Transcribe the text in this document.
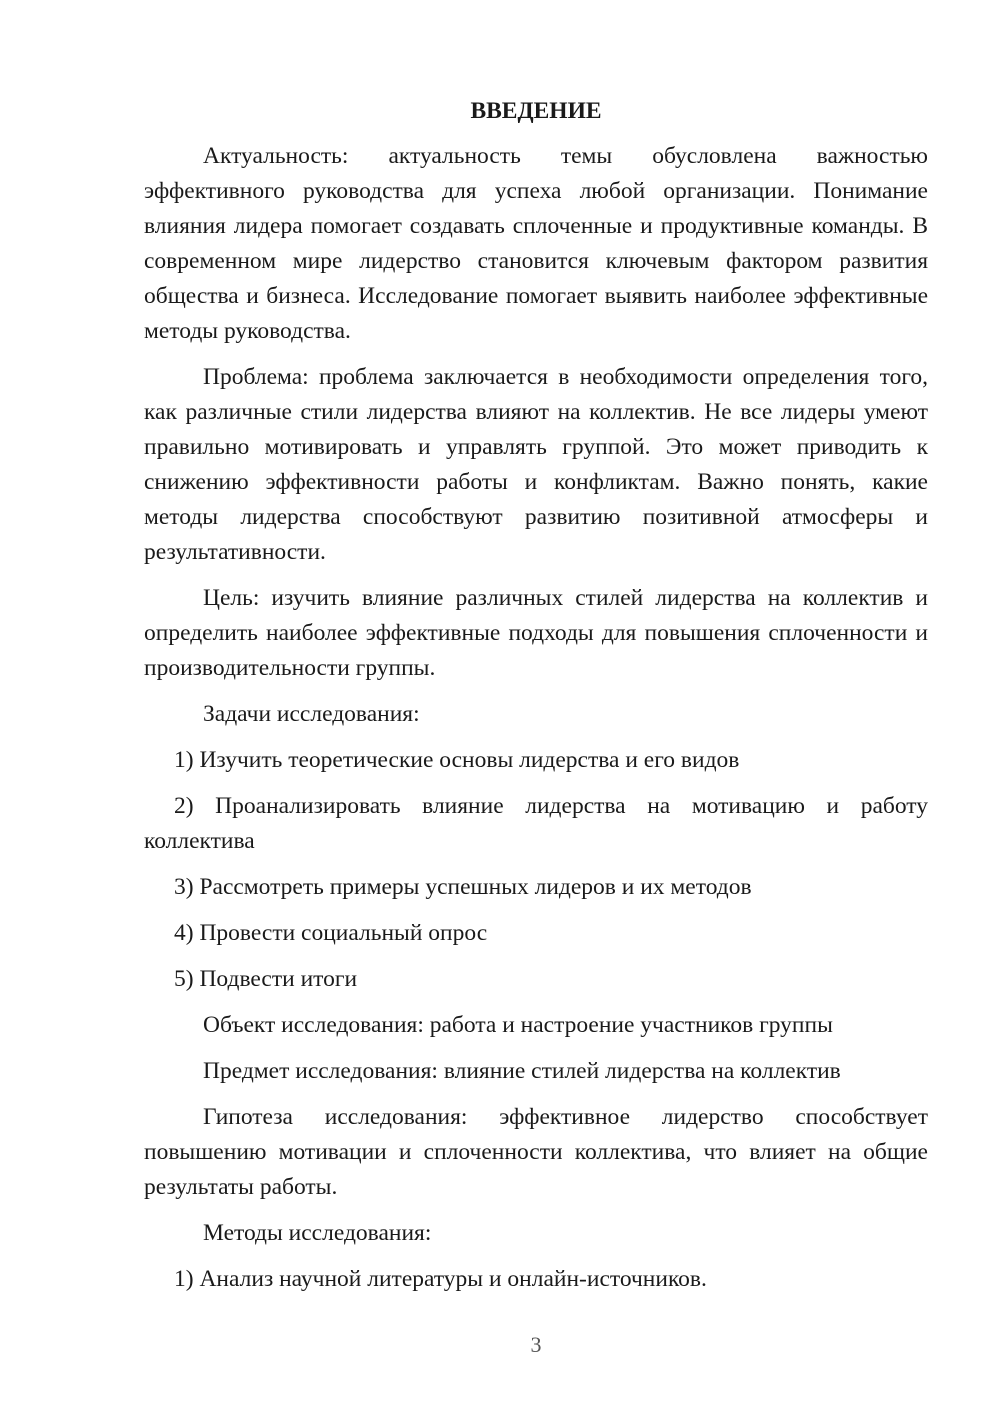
ВВЕДЕНИЕ

Актуальность: актуальность темы обусловлена важностью эффективного руководства для успеха любой организации. Понимание влияния лидера помогает создавать сплоченные и продуктивные команды. В современном мире лидерство становится ключевым фактором развития общества и бизнеса. Исследование помогает выявить наиболее эффективные методы руководства.

Проблема: проблема заключается в необходимости определения того, как различные стили лидерства влияют на коллектив. Не все лидеры умеют правильно мотивировать и управлять группой. Это может приводить к снижению эффективности работы и конфликтам. Важно понять, какие методы лидерства способствуют развитию позитивной атмосферы и результативности.

Цель: изучить влияние различных стилей лидерства на коллектив и определить наиболее эффективные подходы для повышения сплоченности и производительности группы.

Задачи исследования:

1) Изучить теоретические основы лидерства и его видов

2) Проанализировать влияние лидерства на мотивацию и работу коллектива

3) Рассмотреть примеры успешных лидеров и их методов

4) Провести социальный опрос

5) Подвести итоги

Объект исследования: работа и настроение участников группы

Предмет исследования: влияние стилей лидерства на коллектив

Гипотеза исследования: эффективное лидерство способствует повышению мотивации и сплоченности коллектива, что влияет на общие результаты работы.

Методы исследования:

1) Анализ научной литературы и онлайн-источников.

3
